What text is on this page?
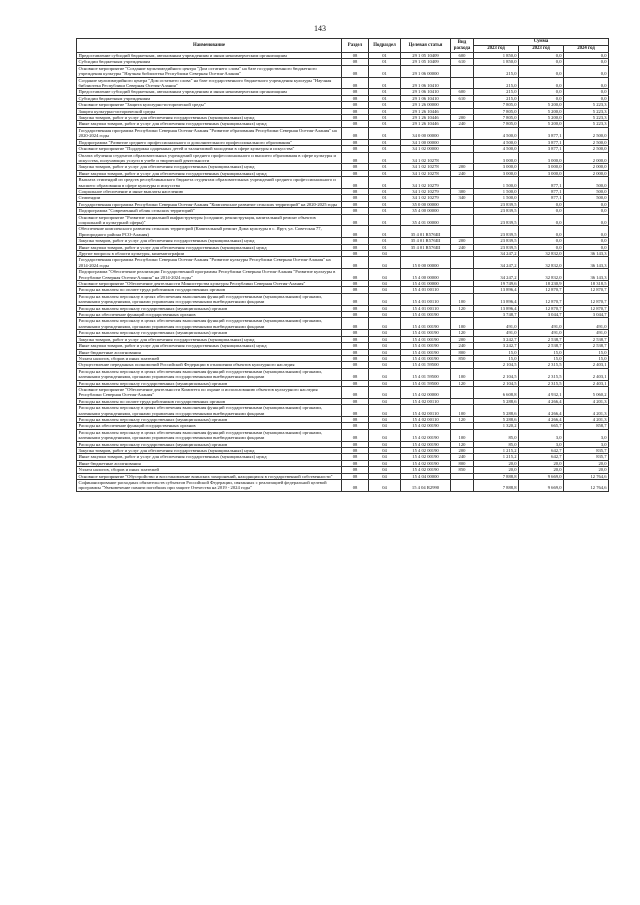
143
Наименование	Раздел	Подраздел	Целевая статья	Вид расхода	Сумма		
					2023 год	2023 год	2024 год
Предоставление субсидий бюджетным, автономным учреждениям и иным некоммерческим организациям	08	01	29 1 05 10409	600	1 850,0	0,0	0,0
Субсидии бюджетным учреждениям	08	01	29 1 05 10409	610	1 850,0	0,0	0,0
Основное мероприятие "Создание мультимедийного центра "Дом остатнего слова" на базе государственного бюджетного учреждения культуры "Научная библиотека Республики Северная Осетия-Алания"	08	01	29 1 06 00000		215,0	0,0	0,0
Создание мультимедийного центра "Дом остатнего слова" на базе государственного бюджетного учреждения культуры "Научная библиотека Республики Северная Осетия-Алания"	08	01	29 1 06 10410		215,0	0,0	0,0
Предоставление субсидий бюджетным, автономным учреждениям и иным некоммерческим организациям	08	01	29 1 06 10410	600	215,0	0,0	0,0
Субсидии бюджетным учреждениям	08	01	29 1 06 10410	610	215,0	0,0	0,0
Основное мероприятие "Защита культурно-исторической среды"	08	01	29 1 26 00000		7 805,0	5 200,0	5 223,3
Защита культурно-исторической среды	08	01	29 1 26 10446		7 805,0	5 200,0	5 223,3
Закупка товаров, работ и услуг для обеспечения государственных (муниципальных) нужд	08	01	29 1 26 10446	200	7 805,0	5 200,0	5 223,3
Иные закупки товаров, работ и услуг для обеспечения государственных (муниципальных) нужд	08	01	29 1 26 10446	240	7 805,0	5 200,0	5 223,3
Государственная программа Республики Северная Осетия-Алания "Развитие образования Республики Северная Осетия-Алания" на 2020-2024 годы	08	01	34 0 00 00000		4 500,0	3 877,1	2 500,0
Подпрограмма "Развитие среднего профессионального и дополнительного профессионального образования"	08	01	34 1 00 00000		4 500,0	3 877,1	2 500,0
Основное мероприятие "Поддержка одаренных детей и талантливой молодежи в сфере культуры и искусства"	08	01	34 1 02 00000		4 500,0	3 877,1	2 500,0
Оплата обучения студентов образовательных учреждений среднего профессионального и высшего образования в сфере культуры и искусства, получающих услуги в учебе и творческой деятельности	08	01	34 1 02 10278		3 000,0	3 000,0	2 000,0
Закупка товаров, работ и услуг для обеспечения государственных (муниципальных) нужд	08	01	34 1 02 10278	200	3 000,0	3 000,0	2 000,0
Иные закупки товаров, работ и услуг для обеспечения государственных (муниципальных) нужд	08	01	34 1 02 10278	240	3 000,0	3 000,0	2 000,0
Выплата стипендий из средств республиканского бюджета студентам образовательных учреждений среднего профессионального и высшего образования в сфере культуры и искусства	08	01	34 1 02 10279		1 500,0	877,1	500,0
Социальное обеспечение и иные выплаты населению	08	01	34 1 02 10279	300	1 500,0	877,1	500,0
Стипендии	08	01	34 1 02 10279	340	1 500,0	877,1	500,0
Государственная программа Республики Северная Осетия-Алания "Комплексное развитие сельских территорий" на 2020-2025 годы	08	01	35 0 00 00000		23 839,5	0,0	0,0
Подпрограмма "Современный облик сельских территорий"	08	01	35 4 00 00000		23 839,5	0,0	0,0
Основное мероприятие "Развитие социальной инфраструктуры (создание, реконструкция, капитальный ремонт объектов социальной и культурной сферы)"	08	01	35 4 01 00000		23 839,5	0,0	0,0
Обеспечение комплексного развития сельских территорий (Капитальный ремонт Дома культуры в с. Ярут, ул. Советская 77, Пригородного района РСО-Алания)	08	01	35 4 01 R576Ш		23 839,5	0,0	0,0
Закупка товаров, работ и услуг для обеспечения государственных (муниципальных) нужд	08	01	35 4 01 R576Ш	200	23 839,5	0,0	0,0
Иные закупки товаров, работ и услуг для обеспечения государственных (муниципальных) нужд	08	01	35 4 01 R576Ш	240	23 839,5	0,0	0,0
Другие вопросы в области культуры, кинематографии	08	04			34 247,2	32 832,0	36 143,3
Государственная программа Республики Северная Осетия-Алания "Развитие культуры Республики Северная Осетия-Алания" на 2014-2024 годы	08	04	15 0 00 00000		34 247,2	32 832,0	36 143,3
Подпрограмма "Обеспечение реализации Государственной программы Республики Северная Осетия-Алания "Развитие культуры в Республике Северная Осетия-Алания" на 2014-2024 годы"	08	04	15 4 00 00000		34 247,2	32 832,0	36 143,3
Основное мероприятие "Обеспечение деятельности Министерства культуры Республики Северная Осетия-Алания"	08	04	15 4 01 00000		19 749,6	18 230,9	18 318,5
Расходы на выплаты по оплате труда работников государственных органов	08	04	15 4 01 00110		13 896,4	12 870,7	12 870,7
Расходы на выплаты персоналу в целях обеспечения выполнения функций государственными (муниципальными) органами, казенными учреждениями, органами управления государственными внебюджетными фондами	08	04	15 4 01 00110	100	13 896,4	12 870,7	12 870,7
Расходы на выплаты персоналу государственных (муниципальных) органов	08	04	15 4 01 00110	120	13 896,4	12 870,7	12 870,7
Расходы на обеспечение функций государственных органов	08	04	15 4 01 00190		3 748,7	3 044,7	3 044,7
Расходы на выплаты персоналу в целях обеспечения выполнения функций государственными (муниципальными) органами, казенными учреждениями, органами управления государственными внебюджетными фондами	08	04	15 4 01 00190	100	491,0	491,0	491,0
Расходы на выплаты персоналу государственных (муниципальных) органов	08	04	15 4 01 00190	120	491,0	491,0	491,0
Закупка товаров, работ и услуг для обеспечения государственных (муниципальных) нужд	08	04	15 4 01 00190	200	3 242,7	2 538,7	2 538,7
Иные закупки товаров, работ и услуг для обеспечения государственных (муниципальных) нужд	08	04	15 4 01 00190	240	3 242,7	2 538,7	2 538,7
Иные бюджетные ассигнования	08	04	15 4 01 00190	800	15,0	15,0	15,0
Уплата налогов, сборов и иных платежей	08	04	15 4 01 00190	850	15,0	15,0	15,0
Осуществление переданных полномочий Российской Федерации в отношении объектов культурного наследия	08	04	15 4 01 59500		2 104,5	2 315,5	2 403,1
Расходы на выплаты персоналу в целях обеспечения выполнения функций государственными (муниципальными) органами, казенными учреждениями, органами управления государственными внебюджетными фондами	08	04	15 4 01 59500	100	2 104,5	2 315,5	2 403,1
Расходы на выплаты персоналу государственных (муниципальных) органов	08	04	15 4 01 59500	120	2 104,5	2 315,5	2 403,1
Основное мероприятие "Обеспечение деятельности Комитета по охране и использованию объектов культурного наследия Республики Северная Осетия-Алания"	08	04	15 4 02 00000		6 608,8	4 932,1	5 060,2
Расходы на выплаты по оплате труда работников государственных органов	08	04	15 4 02 00110		5 288,6	4 266,4	4 201,3
Расходы на выплаты персоналу в целях обеспечения выполнения функций государственными (муниципальными) органами, казенными учреждениями, органами управления государственными внебюджетными фондами	08	04	15 4 02 00110	100	5 288,6	4 266,4	4 201,3
Расходы на выплаты персоналу государственных (муниципальных) органов	08	04	15 4 02 00110	120	5 288,6	4 266,4	4 201,3
Расходы на обеспечение функций государственных органов	08	04	15 4 02 00190		1 320,2	665,7	858,7
Расходы на выплаты персоналу в целях обеспечения выполнения функций государственными (муниципальными) органами, казенными учреждениями, органами управления государственными внебюджетными фондами	08	04	15 4 02 00190	100	85,0	3,0	3,0
Расходы на выплаты персоналу государственных (муниципальных) органов	08	04	15 4 02 00190	120	85,0	3,0	3,0
Закупка товаров, работ и услуг для обеспечения государственных (муниципальных) нужд	08	04	15 4 02 00190	200	1 215,2	642,7	835,7
Иные закупки товаров, работ и услуг для обеспечения государственных (муниципальных) нужд	08	04	15 4 02 00190	240	1 215,2	642,7	835,7
Иные бюджетные ассигнования	08	04	15 4 02 00190	800	20,0	20,0	20,0
Уплата налогов, сборов и иных платежей	08	04	15 4 02 00190	850	20,0	20,0	20,0
Основное мероприятие "Обустройство и восстановление воинских захоронений, находящихся в государственной собственности"	08	04	15 4 04 00000		7 888,8	9 669,0	12 764,6
Софинансирование расходных обязательств субъектов Российской Федерации, связанных с реализацией федеральной целевой программы "Увековечение памяти погибших при защите Отечества на 2019 - 2024 годы"	08	04	15 4 04 R2990		7 888,8	9 669,0	12 764,6
